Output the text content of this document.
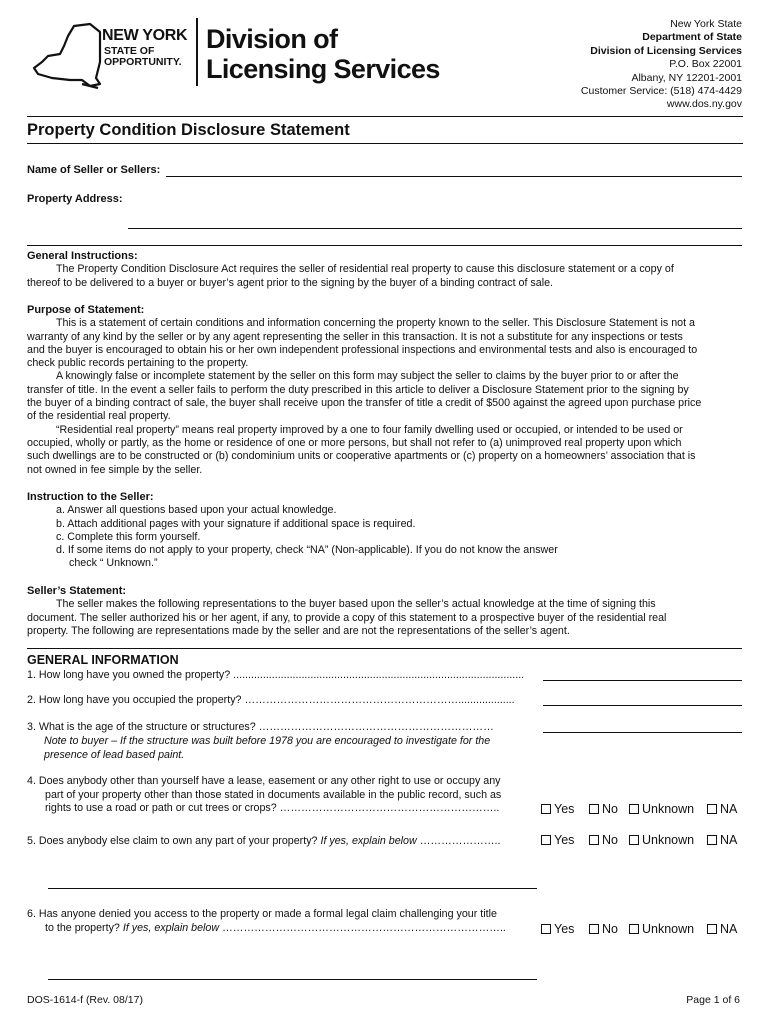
NEW YORK
STATE OF
OPPORTUNITY.
Division of
Licensing Services
New York State
Department of State
Division of Licensing Services
P.O. Box 22001
Albany, NY 12201-2001
Customer Service: (518) 474-4429
www.dos.ny.gov
Property Condition Disclosure Statement
Name of Seller or Sellers:
Property Address:
General Instructions:
The Property Condition Disclosure Act requires the seller of residential real property to cause this disclosure statement or a copy of
thereof to be delivered to a buyer or buyer’s agent prior to the signing by the buyer of a binding contract of sale.
Purpose of Statement:
This is a statement of certain conditions and information concerning the property known to the seller. This Disclosure Statement is not a
warranty of any kind by the seller or by any agent representing the seller in this transaction. It is not a substitute for any inspections or tests
and the buyer is encouraged to obtain his or her own independent professional inspections and environmental tests and also is encouraged to
check public records pertaining to the property.
A knowingly false or incomplete statement by the seller on this form may subject the seller to claims by the buyer prior to or after the
transfer of title. In the event a seller fails to perform the duty prescribed in this article to deliver a Disclosure Statement prior to the signing by
the buyer of a binding contract of sale, the buyer shall receive upon the transfer of title a credit of $500 against the agreed upon purchase price
of the residential real property.
“Residential real property” means real property improved by a one to four family dwelling used or occupied, or intended to be used or
occupied, wholly or partly, as the home or residence of one or more persons, but shall not refer to (a) unimproved real property upon which
such dwellings are to be constructed or (b) condominium units or cooperative apartments or (c) property on a homeowners’ association that is
not owned in fee simple by the seller.
Instruction to the Seller:
a. Answer all questions based upon your actual knowledge.
b. Attach additional pages with your signature if additional space is required.
c. Complete this form yourself.
d. If some items do not apply to your property, check “NA” (Non-applicable). If you do not know the answer
check “ Unknown.”
Seller’s Statement:
The seller makes the following representations to the buyer based upon the seller’s actual knowledge at the time of signing this
document. The seller authorized his or her agent, if any, to provide a copy of this statement to a prospective buyer of the residential real
property. The following are representations made by the seller and are not the representations of the seller’s agent.
GENERAL INFORMATION
1. How long have you owned the property? ..................................................................................................
2. How long have you occupied the property? ……………………………………………………...................
3. What is the age of the structure or structures? …………………………………………………………
Note to buyer – If the structure was built before 1978 you are encouraged to investigate for the
presence of lead based paint.
4. Does anybody other than yourself have a lease, easement or any other right to use or occupy any
part of your property other than those stated in documents available in the public record, such as
rights to use a road or path or cut trees or crops? ……………………………………………………..	Yes No Unknown NA
5. Does anybody else claim to own any part of your property? If yes, explain below …………………..	Yes No Unknown NA
6. Has anyone denied you access to the property or made a formal legal claim challenging your title
to the property? If yes, explain below ……………………………………………………………………..	Yes No Unknown NA
DOS-1614-f (Rev. 08/17)	Page 1 of 6
